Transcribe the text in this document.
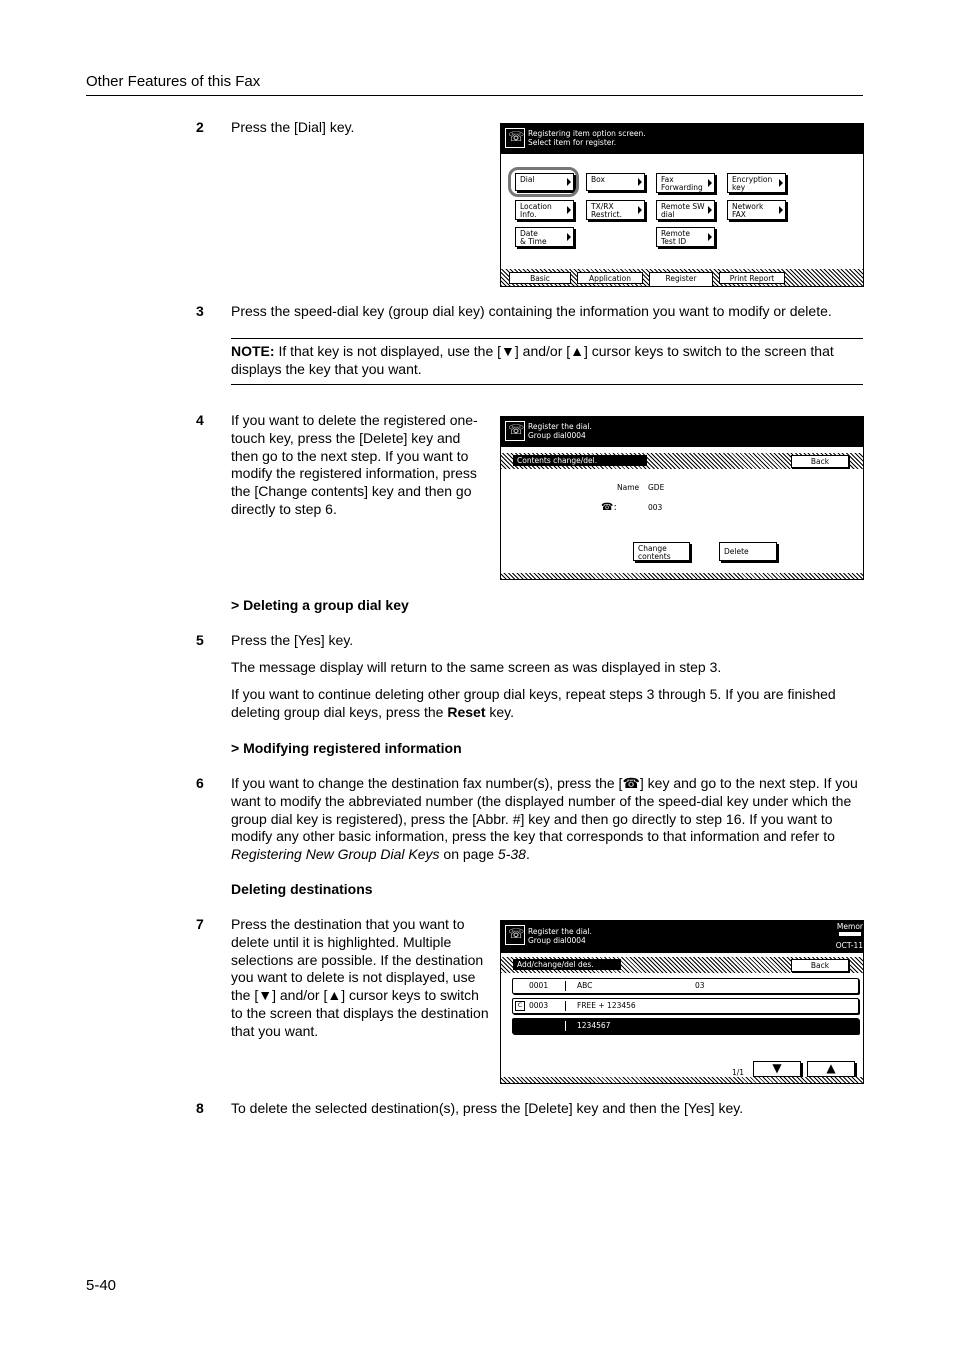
Other Features of this Fax
2 Press the [Dial] key.
☏	Registering item option screen.
Select item for register.
Dial	Box	Fax
Forwarding
Encryption
key
Location
Info.
TX/RX
Restrict.
Remote SW
dial
Network
FAX
Date
& Time
Remote
Test ID
Basic	Application	Register	Print Report
3 Press the speed-dial key (group dial key) containing the information you want to modify or delete.
NOTE: If that key is not displayed, use the [▼] and/or [▲] cursor keys to switch to the screen that displays the key that you want.
4 If you want to delete the registered one-touch key, press the [Delete] key and then go to the next step. If you want to modify the registered information, press the [Change contents] key and then go directly to step 6.
☏
Register the dial.
Group dial0004
Contents change/del.	Back
Name GDE
☎:	003
Change
contents
Delete
> Deleting a group dial key
5 Press the [Yes] key.
The message display will return to the same screen as was displayed in step 3.
If you want to continue deleting other group dial keys, repeat steps 3 through 5. If you are finished deleting group dial keys, press the Reset key.
> Modifying registered information
6 If you want to change the destination fax number(s), press the [☎] key and go to the next step. If you want to modify the abbreviated number (the displayed number of the speed-dial key under which the group dial key is registered), press the [Abbr. #] key and then go directly to step 16. If you want to modify any other basic information, press the key that corresponds to that information and refer to Registering New Group Dial Keys on page 5-38.
Deleting destinations
7 Press the destination that you want to delete until it is highlighted. Multiple selections are possible. If the destination you want to delete is not displayed, use the [▼] and/or [▲] cursor keys to switch to the screen that displays the destination that you want.
☏
Register the dial.
Group dial0004
Memor
OCT-11
Add/change/del des.	Back
0001	ABC	03
C 0003	FREE + 123456
1234567
1/1	▼	▲
8 To delete the selected destination(s), press the [Delete] key and then the [Yes] key.
5-40
